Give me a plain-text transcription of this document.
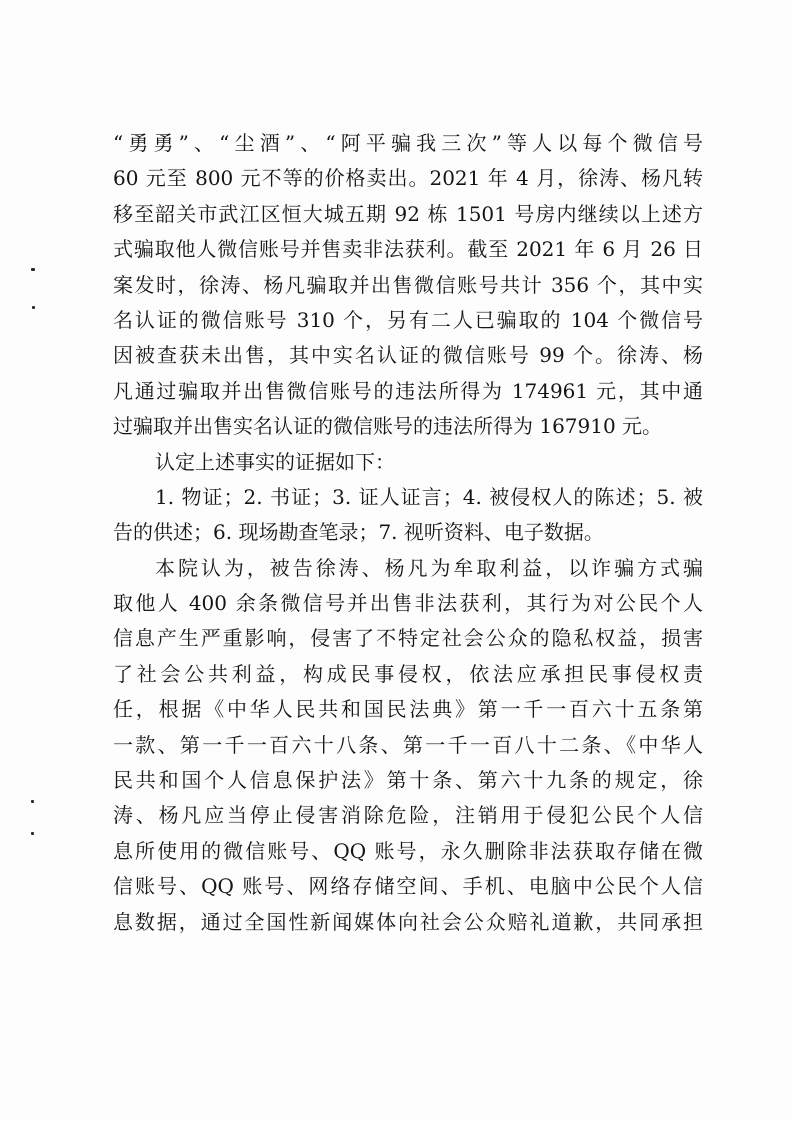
“勇勇”、“尘酒”、“阿平骗我三次”等人以每个微信号
60 元至 800 元不等的价格卖出。2021 年 4 月，徐涛、杨凡转
移至韶关市武江区恒大城五期 92 栋 1501 号房内继续以上述方
式骗取他人微信账号并售卖非法获利。截至 2021 年 6 月 26 日
案发时，徐涛、杨凡骗取并出售微信账号共计 356 个，其中实
名认证的微信账号 310 个，另有二人已骗取的 104 个微信号
因被查获未出售，其中实名认证的微信账号 99 个。徐涛、杨
凡通过骗取并出售微信账号的违法所得为 174961 元，其中通
过骗取并出售实名认证的微信账号的违法所得为 167910 元。
认定上述事实的证据如下：
1. 物证；2. 书证；3. 证人证言；4. 被侵权人的陈述；5. 被
告的供述；6. 现场勘查笔录；7. 视听资料、电子数据。
本院认为，被告徐涛、杨凡为牟取利益，以诈骗方式骗
取他人 400 余条微信号并出售非法获利，其行为对公民个人
信息产生严重影响，侵害了不特定社会公众的隐私权益，损害
了社会公共利益，构成民事侵权，依法应承担民事侵权责
任，根据《中华人民共和国民法典》第一千一百六十五条第
一款、第一千一百六十八条、第一千一百八十二条、《中华人
民共和国个人信息保护法》第十条、第六十九条的规定，徐
涛、杨凡应当停止侵害消除危险，注销用于侵犯公民个人信
息所使用的微信账号、QQ 账号，永久删除非法获取存储在微
信账号、QQ 账号、网络存储空间、手机、电脑中公民个人信
息数据，通过全国性新闻媒体向社会公众赔礼道歉，共同承担
